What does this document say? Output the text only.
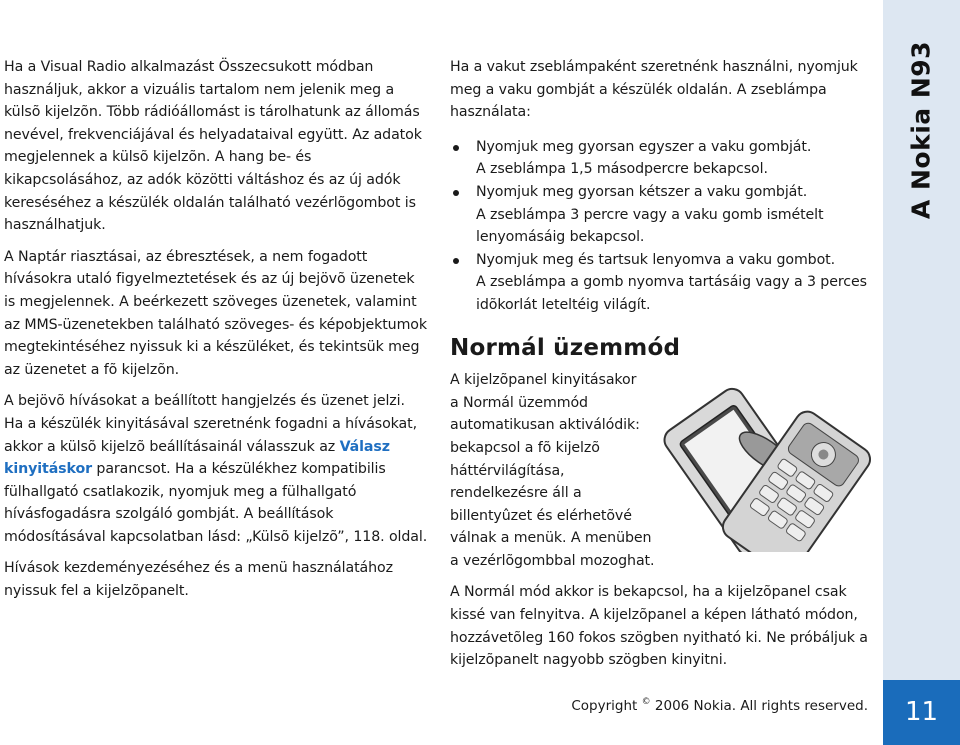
Ha a Visual Radio alkalmazást Összecsukott módban használjuk, akkor a vizuális tartalom nem jelenik meg a külsõ kijelzõn. Több rádióállomást is tárolhatunk az állomás nevével, frekvenciájával és helyadataival együtt. Az adatok megjelennek a külsõ kijelzõn. A hang be- és kikapcsolásához, az adók közötti váltáshoz és az új adók kereséséhez a készülék oldalán található vezérlõgombot is használhatjuk.

A Naptár riasztásai, az ébresztések, a nem fogadott hívásokra utaló figyelmeztetések és az új bejövõ üzenetek is megjelennek. A beérkezett szöveges üzenetek, valamint az MMS-üzenetekben található szöveges- és képobjektumok megtekintéséhez nyissuk ki a készüléket, és tekintsük meg az üzenetet a fõ kijelzõn.

A bejövõ hívásokat a beállított hangjelzés és üzenet jelzi. Ha a készülék kinyitásával szeretnénk fogadni a hívásokat, akkor a külsõ kijelzõ beállításainál válasszuk az Válasz kinyitáskor parancsot. Ha a készülékhez kompatibilis fülhallgató csatlakozik, nyomjuk meg a fülhallgató hívásfogadásra szolgáló gombját. A beállítások módosításával kapcsolatban lásd: „Külsõ kijelzõ”, 118. oldal.

Hívások kezdeményezéséhez és a menü használatához nyissuk fel a kijelzõpanelt.

Ha a vakut zseblámpaként szeretnénk használni, nyomjuk meg a vaku gombját a készülék oldalán. A zseblámpa használata:

Nyomjuk meg gyorsan egyszer a vaku gombját.
A zseblámpa 1,5 másodpercre bekapcsol.
Nyomjuk meg gyorsan kétszer a vaku gombját.
A zseblámpa 3 percre vagy a vaku gomb ismételt lenyomásáig bekapcsol.
Nyomjuk meg és tartsuk lenyomva a vaku gombot.
A zseblámpa a gomb nyomva tartásáig vagy a 3 perces idõkorlát leteltéig világít.
Normál üzemmód
A kijelzõpanel kinyitásakor
a Normál üzemmód
automatikusan aktiválódik:
bekapcsol a fõ kijelzõ
háttérvilágítása,
rendelkezésre áll a
billentyûzet és elérhetõvé
válnak a menük. A menüben
a vezérlõgombbal mozoghat.

A Normál mód akkor is bekapcsol, ha a kijelzõpanel csak kissé van felnyitva. A kijelzõpanel a képen látható módon, hozzávetõleg 160 fokos szögben nyitható ki. Ne próbáljuk a kijelzõpanelt nagyobb szögben kinyitni.

A Nokia N93
11
Copyright © 2006 Nokia. All rights reserved.
